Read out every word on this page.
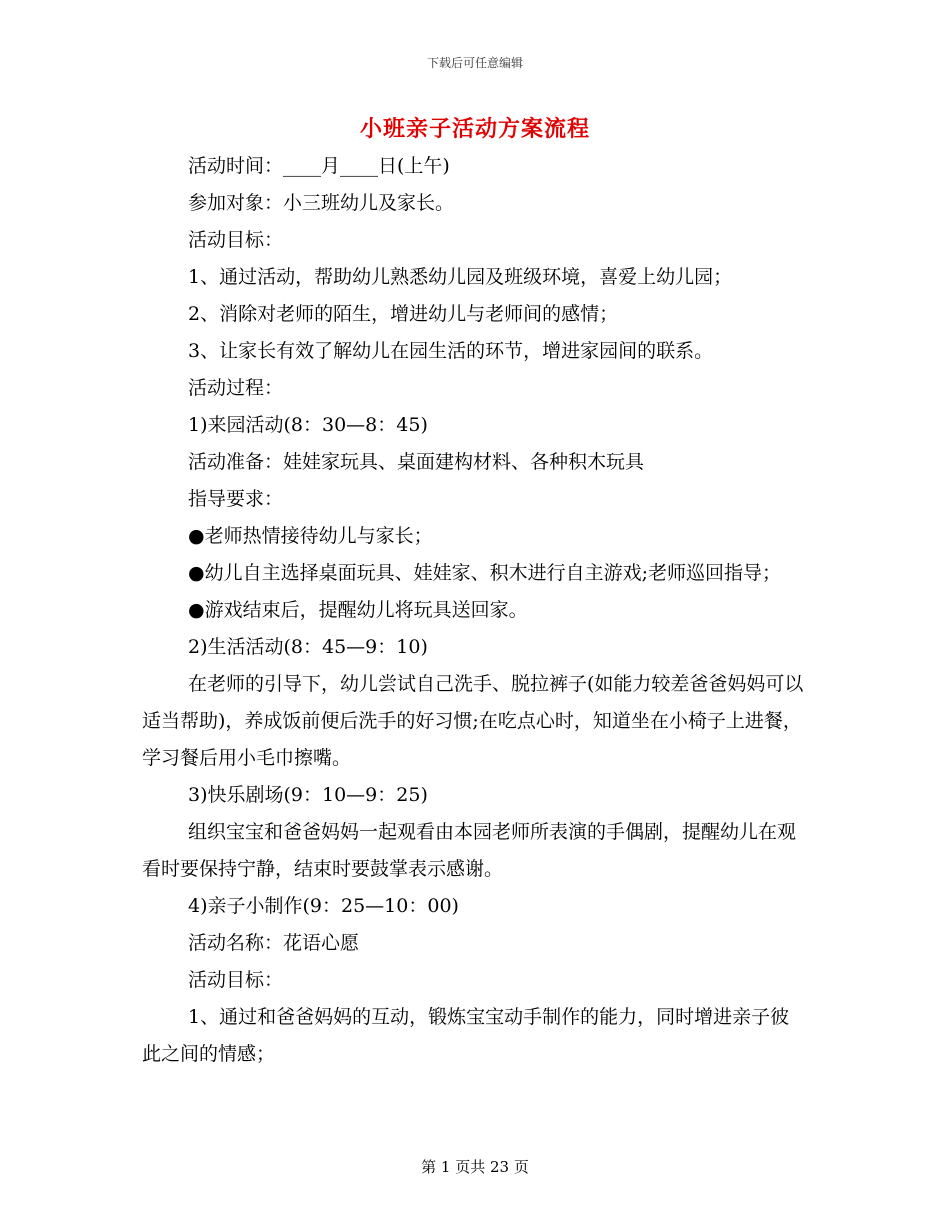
下载后可任意编辑
小班亲子活动方案流程

活动时间：____月____日(上午)

参加对象：小三班幼儿及家长。

活动目标：

1、通过活动，帮助幼儿熟悉幼儿园及班级环境，喜爱上幼儿园；

2、消除对老师的陌生，增进幼儿与老师间的感情；

3、让家长有效了解幼儿在园生活的环节，增进家园间的联系。

活动过程：

1)来园活动(8：30—8：45)

活动准备：娃娃家玩具、桌面建构材料、各种积木玩具

指导要求：

●老师热情接待幼儿与家长；

●幼儿自主选择桌面玩具、娃娃家、积木进行自主游戏;老师巡回指导；

●游戏结束后，提醒幼儿将玩具送回家。

2)生活活动(8：45—9：10)

在老师的引导下，幼儿尝试自己洗手、脱拉裤子(如能力较差爸爸妈妈可以适当帮助)，养成饭前便后洗手的好习惯;在吃点心时，知道坐在小椅子上进餐，学习餐后用小毛巾擦嘴。

3)快乐剧场(9：10—9：25)

组织宝宝和爸爸妈妈一起观看由本园老师所表演的手偶剧，提醒幼儿在观看时要保持宁静，结束时要鼓掌表示感谢。

4)亲子小制作(9：25—10：00)

活动名称：花语心愿

活动目标：

1、通过和爸爸妈妈的互动，锻炼宝宝动手制作的能力，同时增进亲子彼此之间的情感；

第 1 页共 23 页
